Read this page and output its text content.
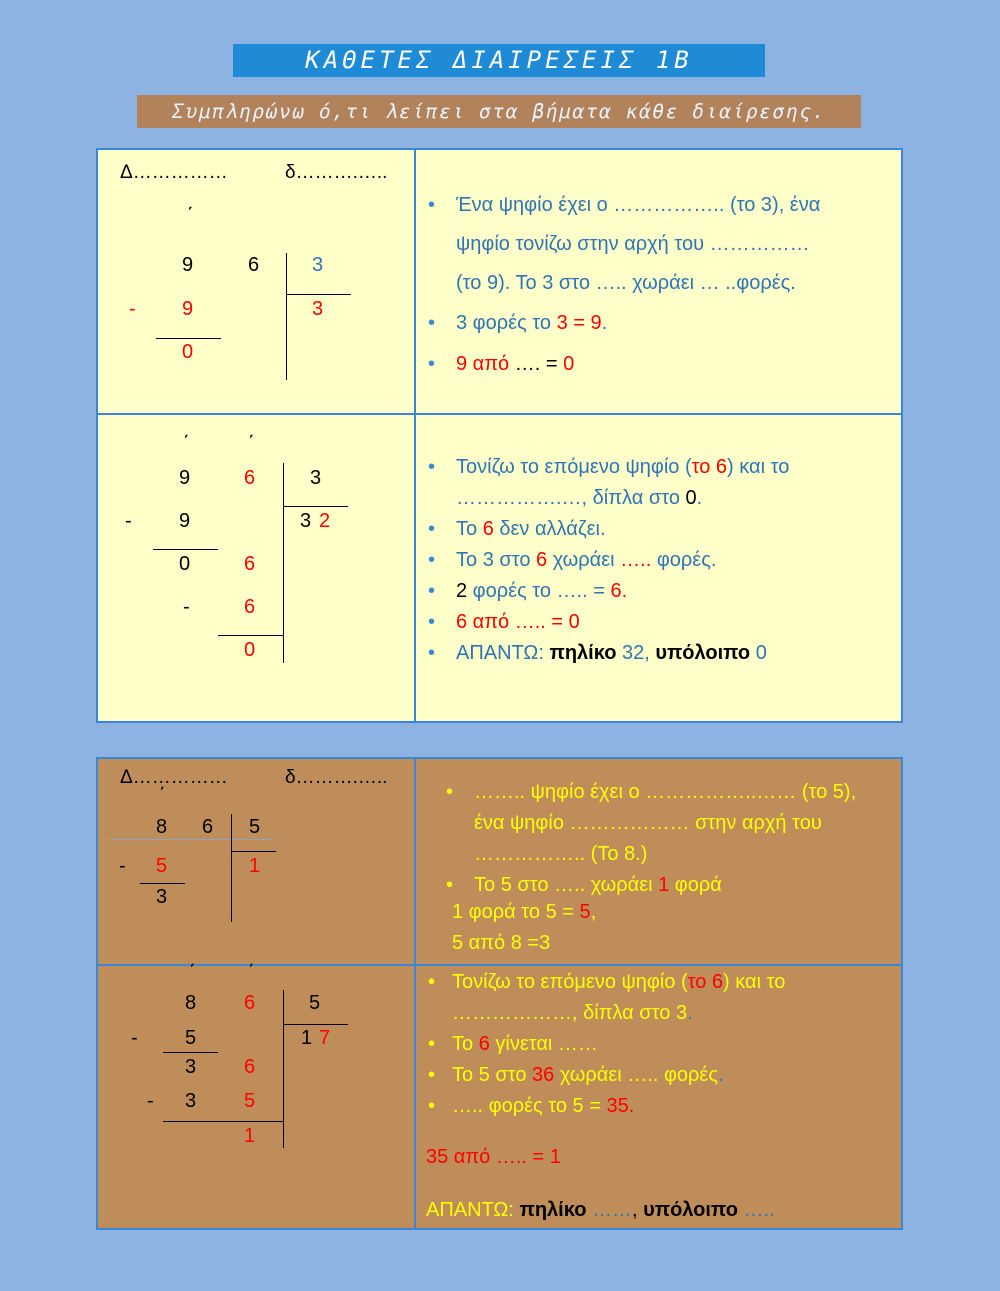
ΚΑΘΕΤΕΣ ΔΙΑΙΡΕΣΕΙΣ 1Β
Συμπληρώνω ό,τι λείπει στα βήματα κάθε διαίρεσης.
Δ……………	δ……….…..
΄
9	6	3
3
- 9
0
• Ένα ψηφίο έχει ο …………….. (το 3), ένα
ψηφίο τονίζω στην αρχή του ……………
(το 9). Το 3 στο ….. χωράει … ..φορές.
• 3 φορές το 3 = 9.
• 9 από …. = 0
΄	΄
9	6	3
- 9	3 2
0	6
-	6
0
• Τονίζω το επόμενο ψηφίο (το 6) και το
…………….…, δίπλα στο 0.
• Το 6 δεν αλλάζει.
• Το 3 στο 6 χωράει ….. φορές.
• 2 φορές το ….. = 6.
• 6 από ….. = 0
• ΑΠΑΝΤΩ: πηλίκο 32, υπόλοιπο 0
Δ……………	δ……….…..
΄
8 6 5
- 5	1
3
• …….. ψηφίο έχει ο ……………..…… (το 5),
ένα ψηφίο ……………… στην αρχή του
…………….. (Το 8.)
• Το 5 στο ….. χωράει 1 φορά
1 φορά το 5 = 5,
5 από 8 =3
΄	΄
8 6	5
- 5	1 7
3 6
- 3 5
1
• Τονίζω το επόμενο ψηφίο (το 6) και το
………………, δίπλα στο 3.
• Το 6 γίνεται ……
• Το 5 στο 36 χωράει ….. φορές.
• ….. φορές το 5 = 35.
35 από ….. = 1
ΑΠΑΝΤΩ: πηλίκο ……, υπόλοιπο …..
